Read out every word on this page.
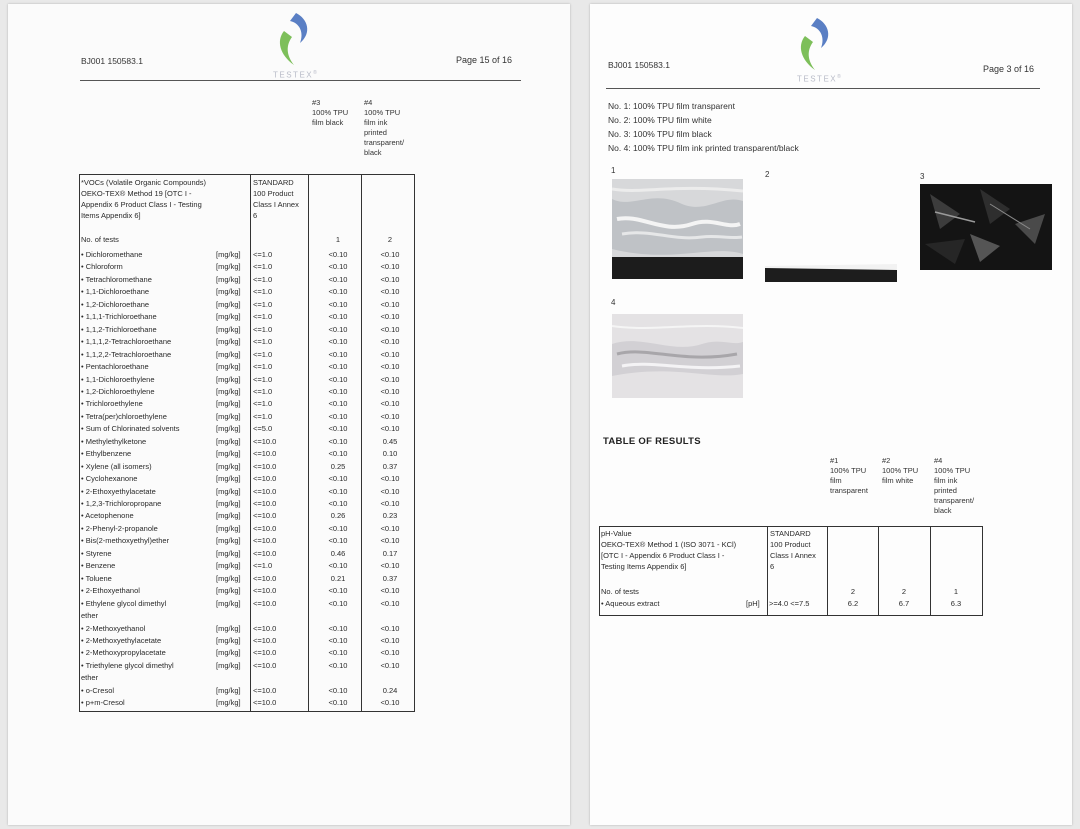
BJ001 150583.1
TESTEX®
Page 15 of 16
#3
100% TPU
film black
#4
100% TPU
film ink
printed
transparent/
black
*VOCs (Volatile Organic Compounds)
OEKO-TEX® Method 19 [OTC I -
Appendix 6 Product Class I - Testing
Items Appendix 6]
STANDARD
100 Product
Class I Annex
6
No. of tests	1	2
• Dichloromethane	[mg/kg] <=1.0	<0.10	<0.10
• Chloroform	[mg/kg] <=1.0	<0.10	<0.10
• Tetrachloromethane	[mg/kg] <=1.0	<0.10	<0.10
• 1,1-Dichloroethane	[mg/kg] <=1.0	<0.10	<0.10
• 1,2-Dichloroethane	[mg/kg] <=1.0	<0.10	<0.10
• 1,1,1-Trichloroethane	[mg/kg] <=1.0	<0.10	<0.10
• 1,1,2-Trichloroethane	[mg/kg] <=1.0	<0.10	<0.10
• 1,1,1,2-Tetrachloroethane	[mg/kg] <=1.0	<0.10	<0.10
• 1,1,2,2-Tetrachloroethane	[mg/kg] <=1.0	<0.10	<0.10
• Pentachloroethane	[mg/kg] <=1.0	<0.10	<0.10
• 1,1-Dichloroethylene	[mg/kg] <=1.0	<0.10	<0.10
• 1,2-Dichloroethylene	[mg/kg] <=1.0	<0.10	<0.10
• Trichloroethylene	[mg/kg] <=1.0	<0.10	<0.10
• Tetra(per)chloroethylene	[mg/kg] <=1.0	<0.10	<0.10
• Sum of Chlorinated solvents	[mg/kg] <=5.0	<0.10	<0.10
• Methylethylketone	[mg/kg] <=10.0	<0.10	0.45
• Ethylbenzene	[mg/kg] <=10.0	<0.10	0.10
• Xylene (all isomers)	[mg/kg] <=10.0	0.25	0.37
• Cyclohexanone	[mg/kg] <=10.0	<0.10	<0.10
• 2-Ethoxyethylacetate	[mg/kg] <=10.0	<0.10	<0.10
• 1,2,3-Trichloropropane	[mg/kg] <=10.0	<0.10	<0.10
• Acetophenone	[mg/kg] <=10.0	0.26	0.23
• 2-Phenyl-2-propanole	[mg/kg] <=10.0	<0.10	<0.10
• Bis(2-methoxyethyl)ether	[mg/kg] <=10.0	<0.10	<0.10
• Styrene	[mg/kg] <=10.0	0.46	0.17
• Benzene	[mg/kg] <=1.0	<0.10	<0.10
• Toluene	[mg/kg] <=10.0	0.21	0.37
• 2-Ethoxyethanol	[mg/kg] <=10.0	<0.10	<0.10
• Ethylene glycol dimethyl	[mg/kg] <=10.0	<0.10	<0.10
ether
• 2-Methoxyethanol	[mg/kg] <=10.0	<0.10	<0.10
• 2-Methoxyethylacetate	[mg/kg] <=10.0	<0.10	<0.10
• 2-Methoxypropylacetate	[mg/kg] <=10.0	<0.10	<0.10
• Triethylene glycol dimethyl	[mg/kg] <=10.0	<0.10	<0.10
ether
• o-Cresol	[mg/kg] <=10.0	<0.10	0.24
• p+m-Cresol	[mg/kg] <=10.0	<0.10	<0.10
BJ001 150583.1
TESTEX®
Page 3 of 16
No. 1: 100% TPU film transparent
No. 2: 100% TPU film white
No. 3: 100% TPU film black
No. 4: 100% TPU film ink printed transparent/black
1	2	3
4
TABLE OF RESULTS
#1
100% TPU
film
transparent
#2
100% TPU
film white
#4
100% TPU
film ink
printed
transparent/
black
pH-Value
OEKO-TEX® Method 1 (ISO 3071 - KCl)
[OTC I - Appendix 6 Product Class I -
Testing Items Appendix 6]
STANDARD
100 Product
Class I Annex
6
No. of tests	2	2	1
• Aqueous extract	[pH] >=4.0 <=7.5	6.2	6.7	6.3
